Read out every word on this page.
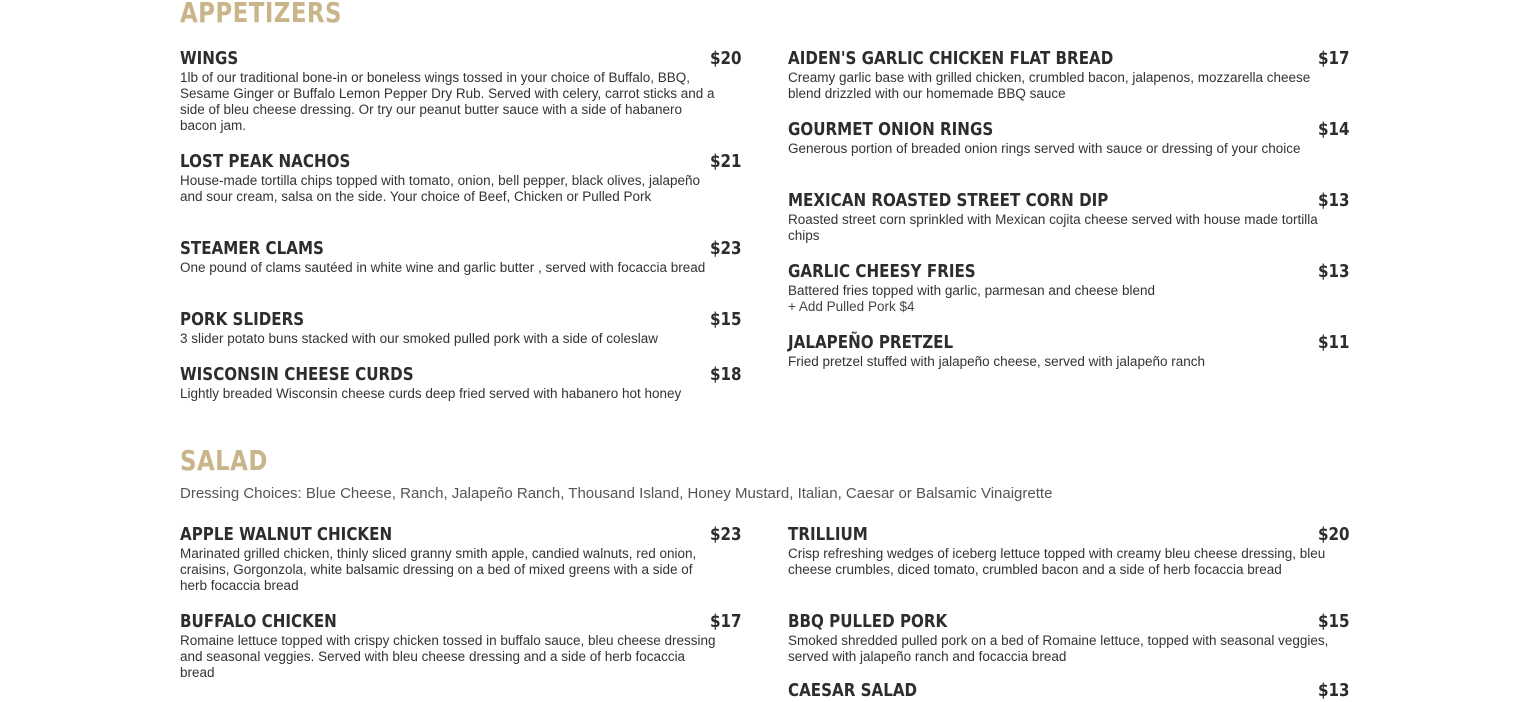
APPETIZERS
WINGS	$20
1lb of our traditional bone-in or boneless wings tossed in your choice of Buffalo, BBQ, Sesame Ginger or Buffalo Lemon Pepper Dry Rub. Served with celery, carrot sticks and a side of bleu cheese dressing. Or try our peanut butter sauce with a side of habanero bacon jam.
LOST PEAK NACHOS	$21
House-made tortilla chips topped with tomato, onion, bell pepper, black olives, jalapeño and sour cream, salsa on the side. Your choice of Beef, Chicken or Pulled Pork
STEAMER CLAMS	$23
One pound of clams sautéed in white wine and garlic butter , served with focaccia bread
PORK SLIDERS	$15
3 slider potato buns stacked with our smoked pulled pork with a side of coleslaw
WISCONSIN CHEESE CURDS	$18
Lightly breaded Wisconsin cheese curds deep fried served with habanero hot honey
AIDEN'S GARLIC CHICKEN FLAT BREAD	$17
Creamy garlic base with grilled chicken, crumbled bacon, jalapenos, mozzarella cheese blend drizzled with our homemade BBQ sauce
GOURMET ONION RINGS	$14
Generous portion of breaded onion rings served with sauce or dressing of your choice
MEXICAN ROASTED STREET CORN DIP	$13
Roasted street corn sprinkled with Mexican cojita cheese served with house made tortilla chips
GARLIC CHEESY FRIES	$13
Battered fries topped with garlic, parmesan and cheese blend
+ Add Pulled Pork $4
JALAPEÑO PRETZEL	$11
Fried pretzel stuffed with jalapeño cheese, served with jalapeño ranch
SALAD
Dressing Choices: Blue Cheese, Ranch, Jalapeño Ranch, Thousand Island, Honey Mustard, Italian, Caesar or Balsamic Vinaigrette
APPLE WALNUT CHICKEN	$23
Marinated grilled chicken, thinly sliced granny smith apple, candied walnuts, red onion, craisins, Gorgonzola, white balsamic dressing on a bed of mixed greens with a side of herb focaccia bread
BUFFALO CHICKEN	$17
Romaine lettuce topped with crispy chicken tossed in buffalo sauce, bleu cheese dressing and seasonal veggies. Served with bleu cheese dressing and a side of herb focaccia bread
TRILLIUM	$20
Crisp refreshing wedges of iceberg lettuce topped with creamy bleu cheese dressing, bleu cheese crumbles, diced tomato, crumbled bacon and a side of herb focaccia bread
BBQ PULLED PORK	$15
Smoked shredded pulled pork on a bed of Romaine lettuce, topped with seasonal veggies, served with jalapeño ranch and focaccia bread
CAESAR SALAD	$13
